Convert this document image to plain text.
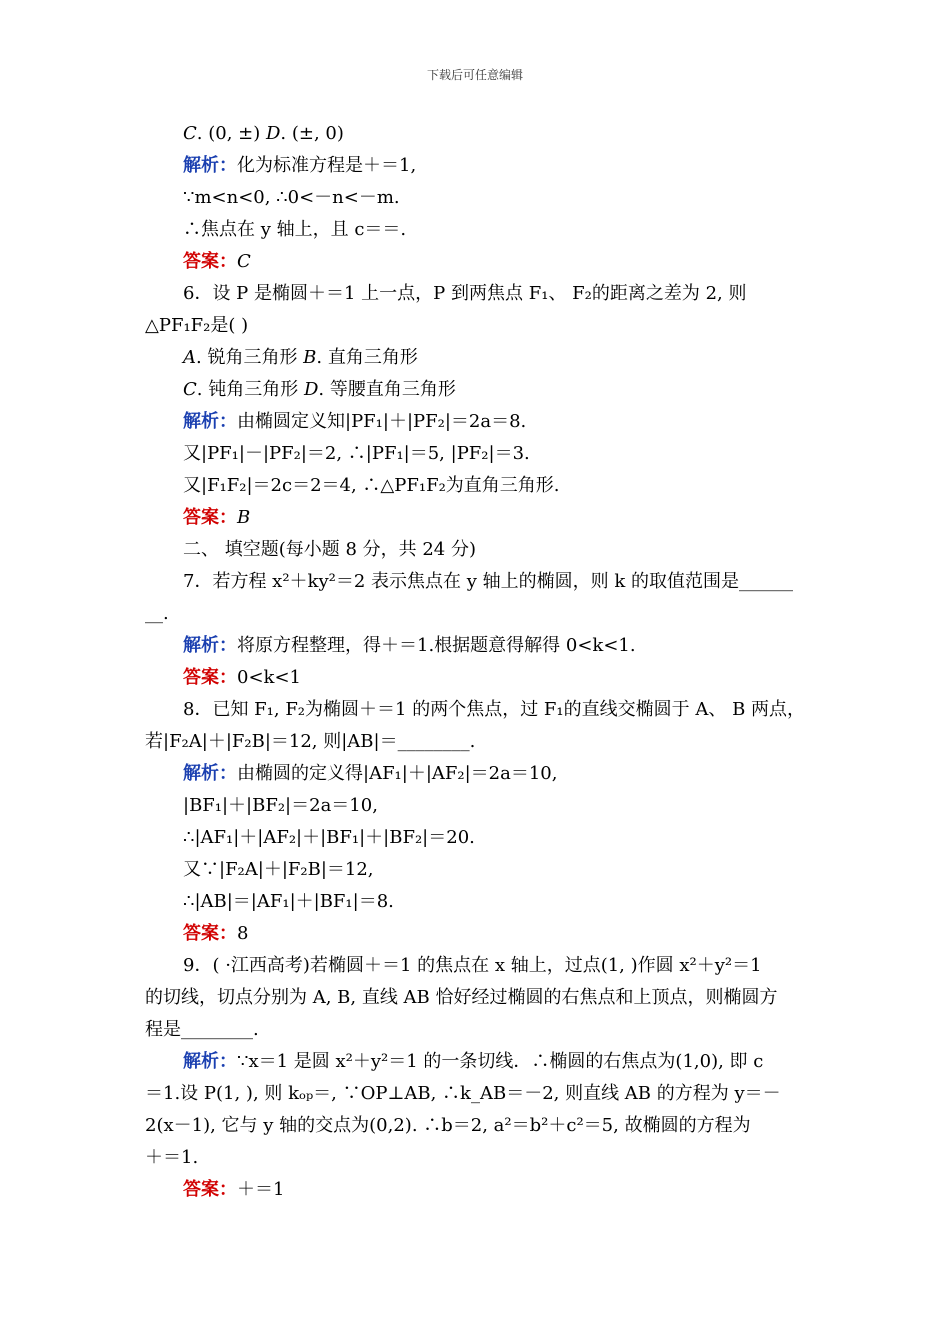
下载后可任意编辑
C. (0, ±) D. (±, 0)
解析：化为标准方程是＋＝1,
∵m<n<0, ∴0<－n<－m.
∴焦点在 y 轴上，且 c＝＝.
答案：C
6．设 P 是椭圆＋＝1 上一点，P 到两焦点 F₁、 F₂的距离之差为 2, 则
△PF₁F₂是( )
A. 锐角三角形 B. 直角三角形
C. 钝角三角形 D. 等腰直角三角形
解析：由椭圆定义知|PF₁|＋|PF₂|＝2a＝8.
又|PF₁|－|PF₂|＝2, ∴|PF₁|＝5, |PF₂|＝3.
又|F₁F₂|＝2c＝2＝4, ∴△PF₁F₂为直角三角形.
答案：B
二、 填空题(每小题 8 分，共 24 分)
7．若方程 x²＋ky²＝2 表示焦点在 y 轴上的椭圆，则 k 的取值范围是______
__.
解析：将原方程整理，得＋＝1.根据题意得解得 0<k<1.
答案：0<k<1
8．已知 F₁, F₂为椭圆＋＝1 的两个焦点，过 F₁的直线交椭圆于 A、 B 两点，
若|F₂A|＋|F₂B|＝12, 则|AB|＝________.
解析：由椭圆的定义得|AF₁|＋|AF₂|＝2a＝10,
|BF₁|＋|BF₂|＝2a＝10,
∴|AF₁|＋|AF₂|＋|BF₁|＋|BF₂|＝20.
又∵|F₂A|＋|F₂B|＝12,
∴|AB|＝|AF₁|＋|BF₁|＝8.
答案：8
9．( ·江西高考)若椭圆＋＝1 的焦点在 x 轴上，过点(1, )作圆 x²＋y²＝1
的切线，切点分别为 A, B, 直线 AB 恰好经过椭圆的右焦点和上顶点，则椭圆方
程是________.
解析：∵x＝1 是圆 x²＋y²＝1 的一条切线．∴椭圆的右焦点为(1,0), 即 c
＝1.设 P(1, ), 则 kₒₚ＝, ∵OP⊥AB, ∴k_AB＝－2, 则直线 AB 的方程为 y＝－
2(x－1), 它与 y 轴的交点为(0,2). ∴b＝2, a²＝b²＋c²＝5, 故椭圆的方程为
＋＝1.
答案：＋＝1
